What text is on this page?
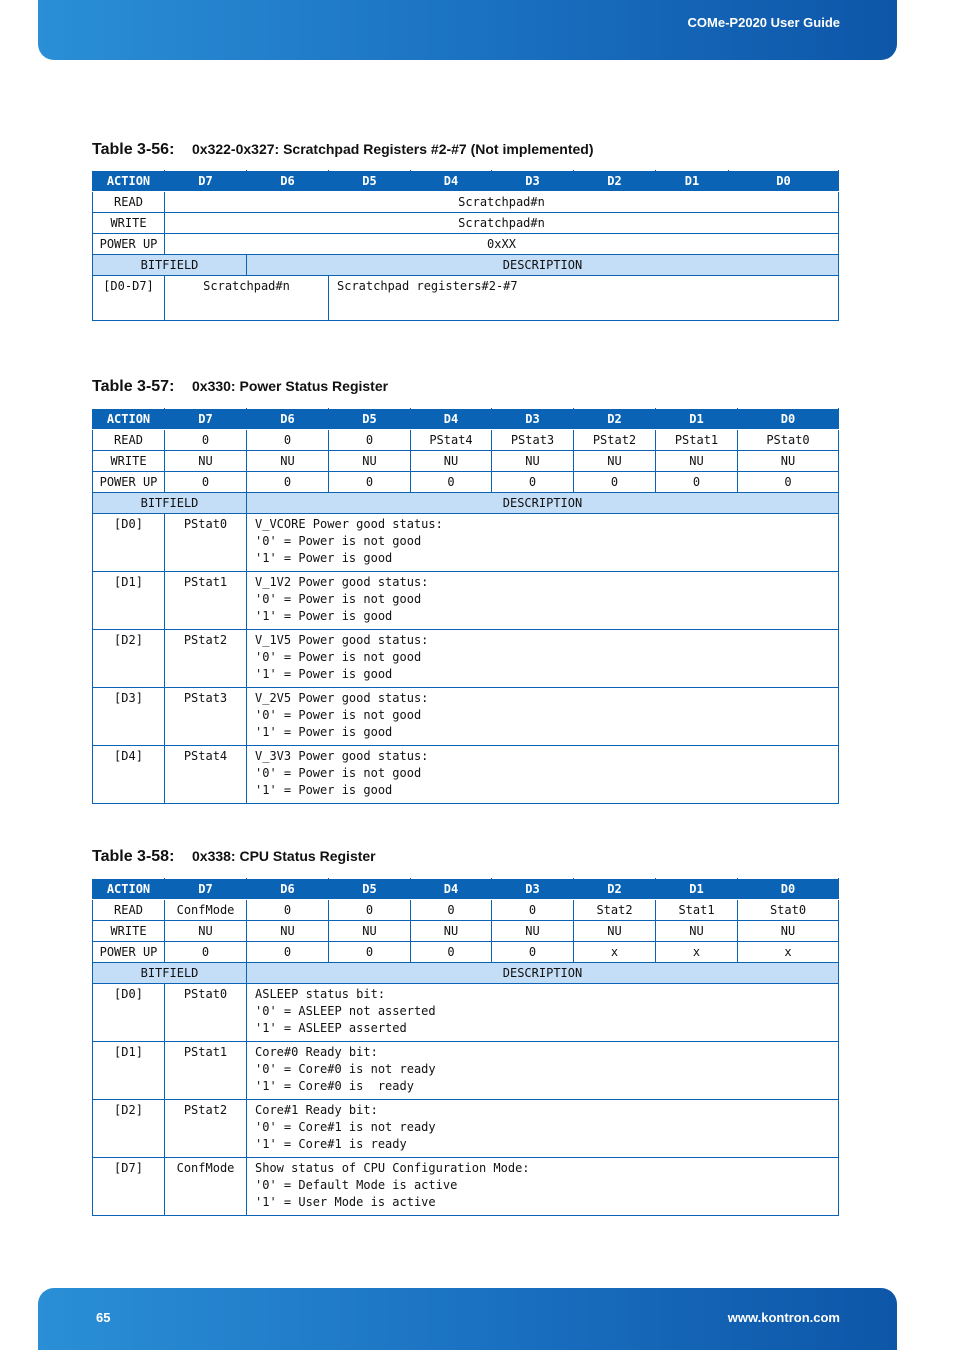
COMe-P2020 User Guide
Table 3-56: 0x322-0x327: Scratchpad Registers #2-#7 (Not implemented)
ACTION	D7	D6	D5	D4	D3	D2	D1	D0
READ	Scratchpad#n							
WRITE	Scratchpad#n							
POWER UP	0xXX							
BITFIELD		DESCRIPTION						
[D0-D7]	Scratchpad#n		Scratchpad registers#2-#7					
Table 3-57: 0x330: Power Status Register
ACTION	D7	D6	D5	D4	D3	D2	D1	D0
READ	0	0	0	PStat4	PStat3	PStat2	PStat1	PStat0
WRITE	NU	NU	NU	NU	NU	NU	NU	NU
POWER UP	0	0	0	0	0	0	0	0
BITFIELD		DESCRIPTION						
[D0]	PStat0	V_VCORE Power good status:
'0' = Power is not good
'1' = Power is good						
[D1]	PStat1	V_1V2 Power good status:
'0' = Power is not good
'1' = Power is good						
[D2]	PStat2	V_1V5 Power good status:
'0' = Power is not good
'1' = Power is good						
[D3]	PStat3	V_2V5 Power good status:
'0' = Power is not good
'1' = Power is good						
[D4]	PStat4	V_3V3 Power good status:
'0' = Power is not good
'1' = Power is good						
Table 3-58: 0x338: CPU Status Register
ACTION	D7	D6	D5	D4	D3	D2	D1	D0
READ	ConfMode	0	0	0	0	Stat2	Stat1	Stat0
WRITE	NU	NU	NU	NU	NU	NU	NU	NU
POWER UP	0	0	0	0	0	x	x	x
BITFIELD		DESCRIPTION						
[D0]	PStat0	ASLEEP status bit:
'0' = ASLEEP not asserted
'1' = ASLEEP asserted						
[D1]	PStat1	Core#0 Ready bit:
'0' = Core#0 is not ready
'1' = Core#0 is  ready						
[D2]	PStat2	Core#1 Ready bit:
'0' = Core#1 is not ready
'1' = Core#1 is ready						
[D7]	ConfMode	Show status of CPU Configuration Mode:
'0' = Default Mode is active
'1' = User Mode is active						
65	www.kontron.com
